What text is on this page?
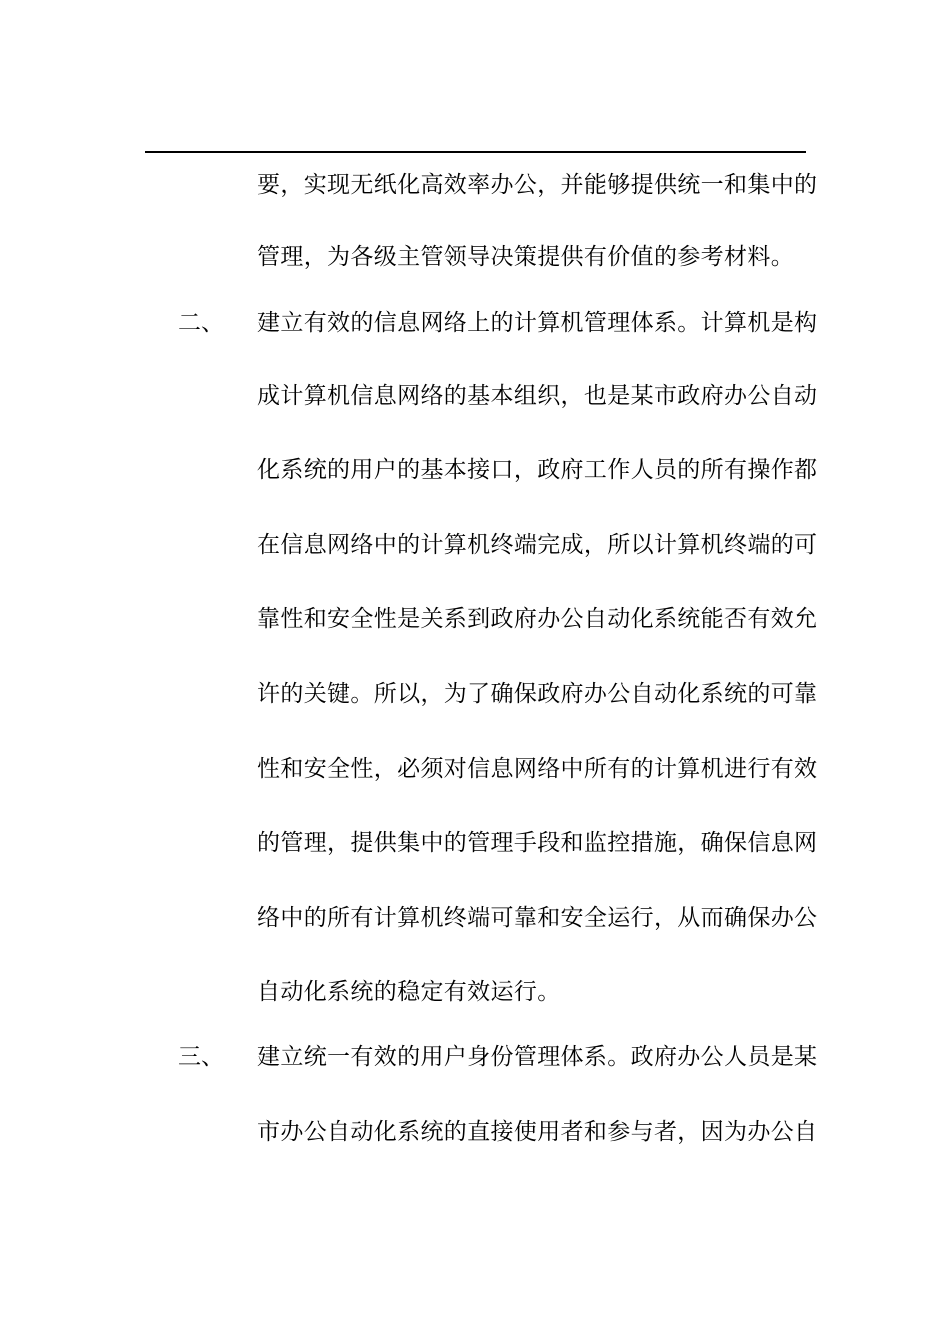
要，实现无纸化高效率办公，并能够提供统一和集中的
管理，为各级主管领导决策提供有价值的参考材料。
二、 建立有效的信息网络上的计算机管理体系。计算机是构
成计算机信息网络的基本组织，也是某市政府办公自动
化系统的用户的基本接口，政府工作人员的所有操作都
在信息网络中的计算机终端完成，所以计算机终端的可
靠性和安全性是关系到政府办公自动化系统能否有效允
许的关键。所以，为了确保政府办公自动化系统的可靠
性和安全性，必须对信息网络中所有的计算机进行有效
的管理，提供集中的管理手段和监控措施，确保信息网
络中的所有计算机终端可靠和安全运行，从而确保办公
自动化系统的稳定有效运行。
三、 建立统一有效的用户身份管理体系。政府办公人员是某
市办公自动化系统的直接使用者和参与者，因为办公自
